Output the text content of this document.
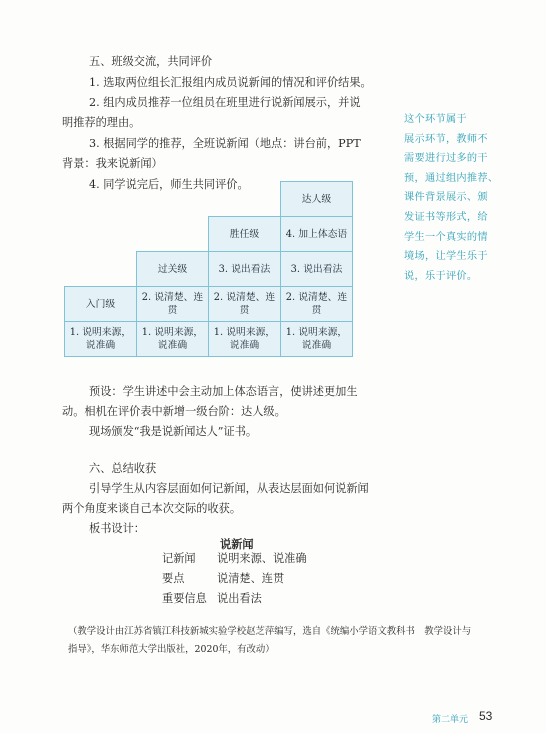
五、班级交流，共同评价
1. 选取两位组长汇报组内成员说新闻的情况和评价结果。
2. 组内成员推荐一位组员在班里进行说新闻展示，并说
明推荐的理由。
3. 根据同学的推荐，全班说新闻（地点：讲台前，PPT
背景：我来说新闻）
4. 同学说完后，师生共同评价。
这个环节属于
展示环节，教师不
需要进行过多的干
预，通过组内推荐、
课件背景展示、颁
发证书等形式，给
学生一个真实的情
境场，让学生乐于
说，乐于评价。
			达人级
		胜任级	4. 加上体态语
	过关级	3. 说出看法	3. 说出看法
入门级	2. 说清楚、连贯	2. 说清楚、连贯	2. 说清楚、连贯
1. 说明来源，说准确	1. 说明来源，说准确	1. 说明来源，说准确	1. 说明来源，说准确
预设：学生讲述中会主动加上体态语言，使讲述更加生
动。相机在评价表中新增一级台阶：达人级。
现场颁发“我是说新闻达人”证书。
六、总结收获
引导学生从内容层面如何记新闻，从表达层面如何说新闻
两个角度来谈自己本次交际的收获。
板书设计：
说新闻
记新闻 说明来源、说准确
要点	说清楚、连贯
重要信息 说出看法
（教学设计由江苏省镇江科技新城实验学校赵芝萍编写，选自《统编小学语文教科书　教学设计与
指导》，华东师范大学出版社，2020年，有改动）
第二单元 53
